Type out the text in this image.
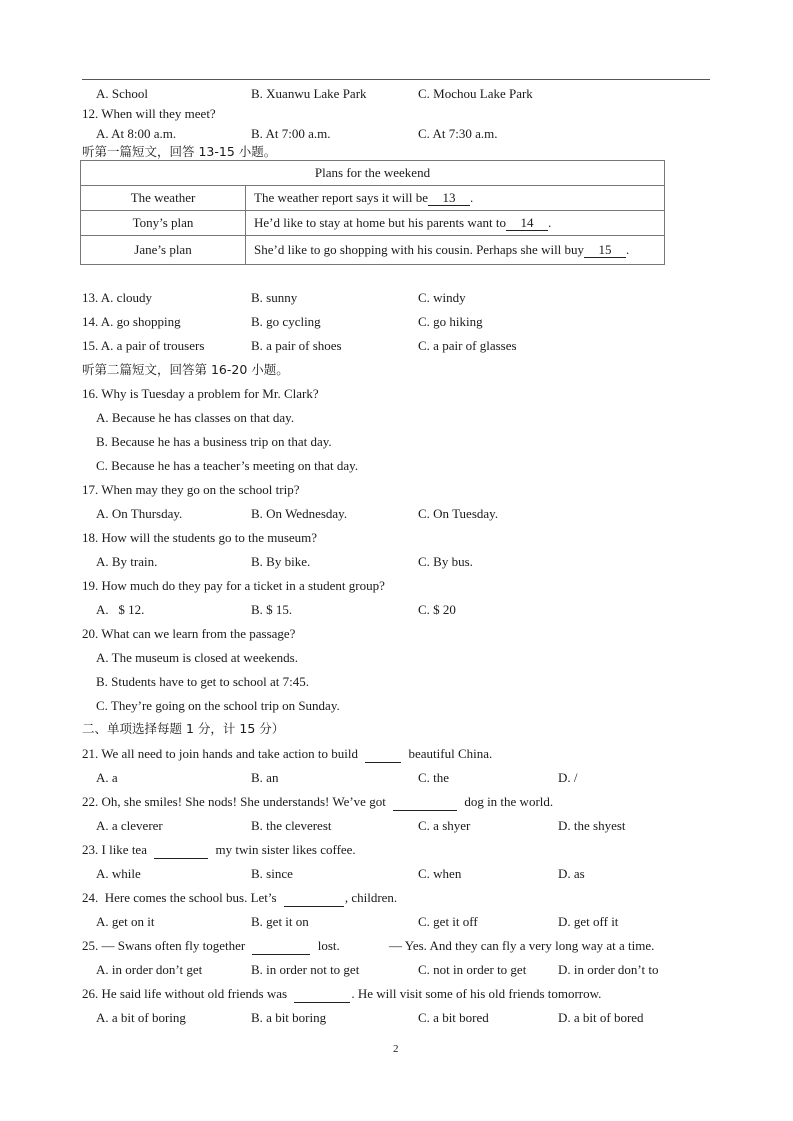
A. School	B. Xuanwu Lake Park	C. Mochou Lake Park
12. When will they meet?
A. At 8:00 a.m.	B. At 7:00 a.m.	C. At 7:30 a.m.
听第一篇短文，回答 13-15 小题。
Plans for the weekend	
The weather	The weather report says it will be 13 .
Tony’s plan	He’d like to stay at home but his parents want to 14 .
Jane’s plan	She’d like to go shopping with his cousin. Perhaps she will buy 15 .
13. A. cloudy	B. sunny	C. windy
14. A. go shopping	B. go cycling	C. go hiking
15. A. a pair of trousers	B. a pair of shoes	C. a pair of glasses
听第二篇短文，回答第 16-20 小题。
16. Why is Tuesday a problem for Mr. Clark?
A. Because he has classes on that day.
B. Because he has a business trip on that day.
C. Because he has a teacher’s meeting on that day.
17. When may they go on the school trip?
A. On Thursday.	B. On Wednesday.	C. On Tuesday.
18. How will the students go to the museum?
A. By train.	B. By bike.	C. By bus.
19. How much do they pay for a ticket in a student group?
A.   $ 12.	B. $ 15.	C. $ 20
20. What can we learn from the passage?
A. The museum is closed at weekends.
B. Students have to get to school at 7:45.
C. They’re going on the school trip on Sunday.
二、单项选择每题 1 分，计 15 分）
21. We all need to join hands and take action to build	beautiful China.
A. a	B. an	C. the	D. /
22. Oh, she smiles! She nods! She understands! We’ve got	dog in the world.
A. a cleverer	B. the cleverest	C. a shyer	D. the shyest
23. I like tea	my twin sister likes coffee.
A. while	B. since	C. when	D. as
24.  Here comes the school bus. Let’s	, children.
A. get on it	B. get it on	C. get it off	D. get off it
25. — Swans often fly together	lost.	— Yes. And they can fly a very long way at a time.
A. in order don’t get	B. in order not to get	C. not in order to get D. in order don’t to
26. He said life without old friends was	. He will visit some of his old friends tomorrow.
A. a bit of boring	B. a bit boring	C. a bit bored	D. a bit of bored
2
